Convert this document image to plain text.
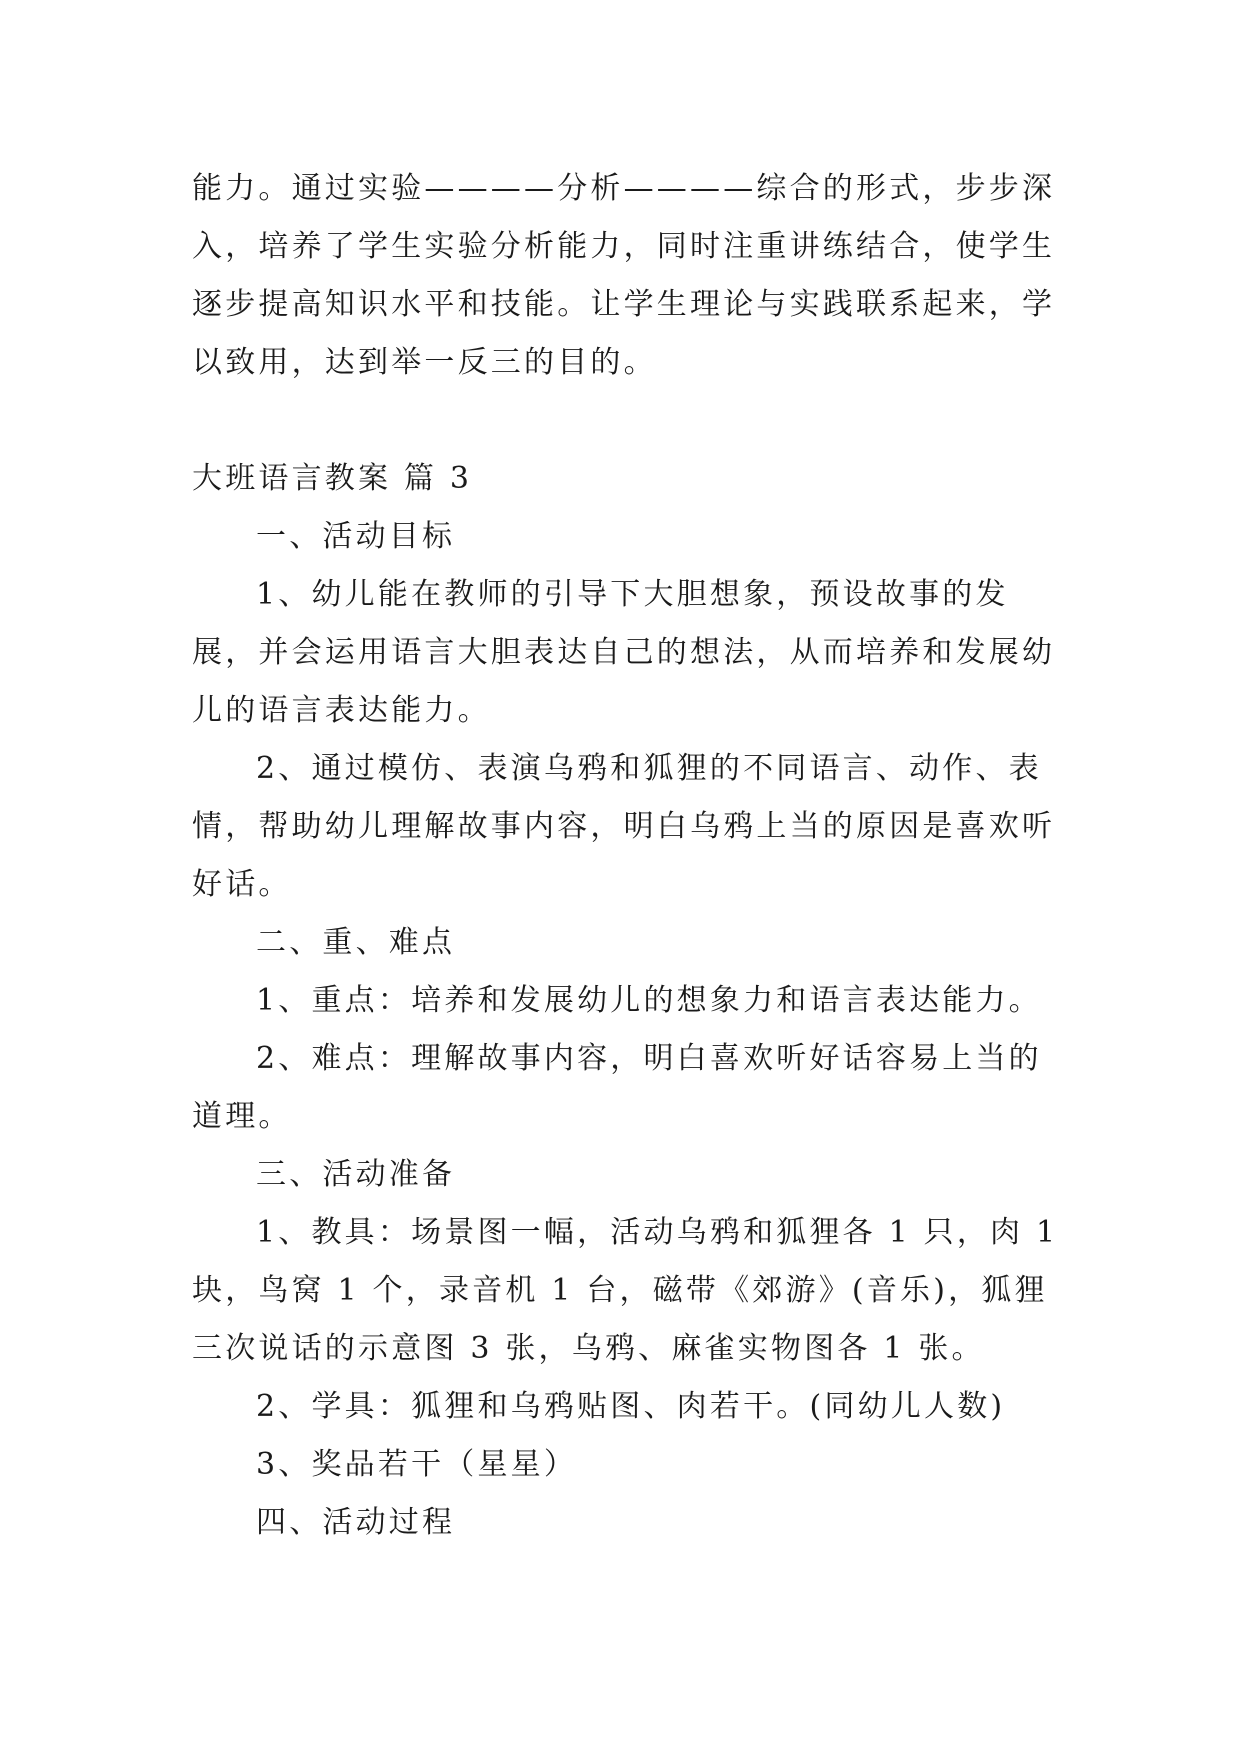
能力。通过实验————分析————综合的形式，步步深入，培养了学生实验分析能力，同时注重讲练结合，使学生逐步提高知识水平和技能。让学生理论与实践联系起来，学以致用，达到举一反三的目的。

大班语言教案 篇 3

一、活动目标

1、幼儿能在教师的引导下大胆想象，预设故事的发展，并会运用语言大胆表达自己的想法，从而培养和发展幼儿的语言表达能力。

2、通过模仿、表演乌鸦和狐狸的不同语言、动作、表情，帮助幼儿理解故事内容，明白乌鸦上当的原因是喜欢听好话。

二、重、难点

1、重点：培养和发展幼儿的想象力和语言表达能力。

2、难点：理解故事内容，明白喜欢听好话容易上当的道理。

三、活动准备

1、教具：场景图一幅，活动乌鸦和狐狸各 1 只，肉 1 块，鸟窝 1 个，录音机 1 台，磁带《郊游》(音乐)，狐狸三次说话的示意图 3 张，乌鸦、麻雀实物图各 1 张。

2、学具：狐狸和乌鸦贴图、肉若干。(同幼儿人数)

3、奖品若干（星星）

四、活动过程
